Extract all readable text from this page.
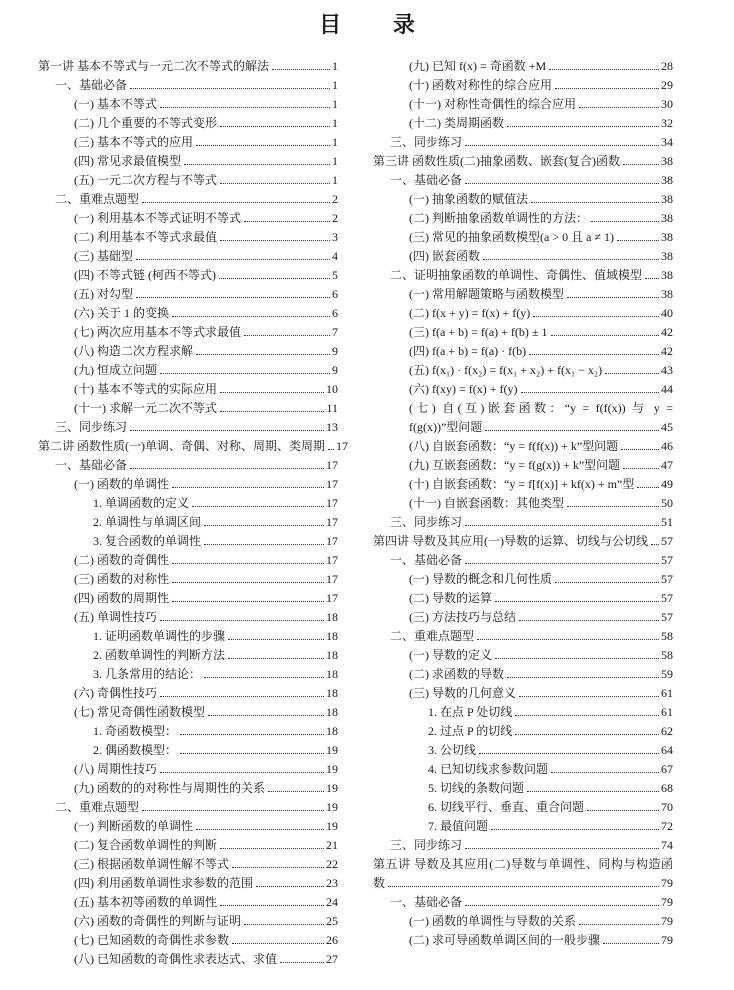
目 录
第一讲 基本不等式与一元二次不等式的解法	1
一、基础必备	1
(一) 基本不等式	1
(二) 几个重要的不等式变形	1
(三) 基本不等式的应用	1
(四) 常见求最值模型	1
(五) 一元二次方程与不等式	1
二、重难点题型	2
(一) 利用基本不等式证明不等式	2
(二) 利用基本不等式求最值	3
(三) 基础型	4
(四) 不等式链 (柯西不等式)	5
(五) 对勾型	6
(六) 关于 1 的变换	6
(七) 两次应用基本不等式求最值	7
(八) 构造二次方程求解	9
(九) 恒成立问题	9
(十) 基本不等式的实际应用	10
(十一) 求解一元二次不等式	11
三、同步练习	13
第二讲 函数性质(一)单调、奇偶、对称、周期、类周期 17
一、基础必备	17
(一) 函数的单调性	17
1. 单调函数的定义	17
2. 单调性与单调区间	17
3. 复合函数的单调性	17
(二) 函数的奇偶性	17
(三) 函数的对称性	17
(四) 函数的周期性	17
(五) 单调性技巧	18
1. 证明函数单调性的步骤	18
2. 函数单调性的判断方法	18
3. 几条常用的结论：	18
(六) 奇偶性技巧	18
(七) 常见奇偶性函数模型	18
1. 奇函数模型：	18
2. 偶函数模型：	19
(八) 周期性技巧	19
(九) 函数的的对称性与周期性的关系	19
二、重难点题型	19
(一) 判断函数的单调性	19
(二) 复合函数单调性的判断	21
(三) 根据函数单调性解不等式	22
(四) 利用函数单调性求参数的范围	23
(五) 基本初等函数的单调性	24
(六) 函数的奇偶性的判断与证明	25
(七) 已知函数的奇偶性求参数	26
(八) 已知函数的奇偶性求表达式、求值	27
(九) 已知 f(x) = 奇函数 +M	28
(十) 函数对称性的综合应用	29
(十一) 对称性奇偶性的综合应用	30
(十二) 类周期函数	32
三、同步练习	34
第三讲 函数性质(二)抽象函数、嵌套(复合)函数	38
一、基础必备	38
(一) 抽象函数的赋值法	38
(二) 判断抽象函数单调性的方法：	38
(三) 常见的抽象函数模型(a > 0 且 a ≠ 1)	38
(四) 嵌套函数	38
二、证明抽象函数的单调性、奇偶性、值域模型 38
(一) 常用解题策略与函数模型	38
(二) f(x + y) = f(x) + f(y)	40
(三) f(a + b) = f(a) + f(b) ± 1	42
(四) f(a + b) = f(a) · f(b)	42
(五) f(x₁) · f(x₂) = f(x₁ + x₂) + f(x₁ − x₂)	43
(六) f(xy) = f(x) + f(y)	44
(七) 自(互)嵌套函数：“y = f(f(x)) 与 y =
f(g(x))”型问题	45
(八) 自嵌套函数：“y = f(f(x)) + k”型问题	46
(九) 互嵌套函数：“y = f(g(x)) + k”型问题	47
(十) 自嵌套函数：“y = f[f(x)] + kf(x) + m”型 49
(十一) 自嵌套函数：其他类型	50
三、同步练习	51
第四讲 导数及其应用(一)导数的运算、切线与公切线 57
一、基础必备	57
(一) 导数的概念和几何性质	57
(二) 导数的运算	57
(三) 方法技巧与总结	57
二、重难点题型	58
(一) 导数的定义	58
(二) 求函数的导数	59
(三) 导数的几何意义	61
1. 在点 P 处切线	61
2. 过点 P 的切线	62
3. 公切线	64
4. 已知切线求参数问题	67
5. 切线的条数问题	68
6. 切线平行、垂直、重合问题	70
7. 最值问题	72
三、同步练习	74
第五讲 导数及其应用(二)导数与单调性、同构与构造函
数	79
一、基础必备	79
(一) 函数的单调性与导数的关系	79
(二) 求可导函数单调区间的一般步骤	79
